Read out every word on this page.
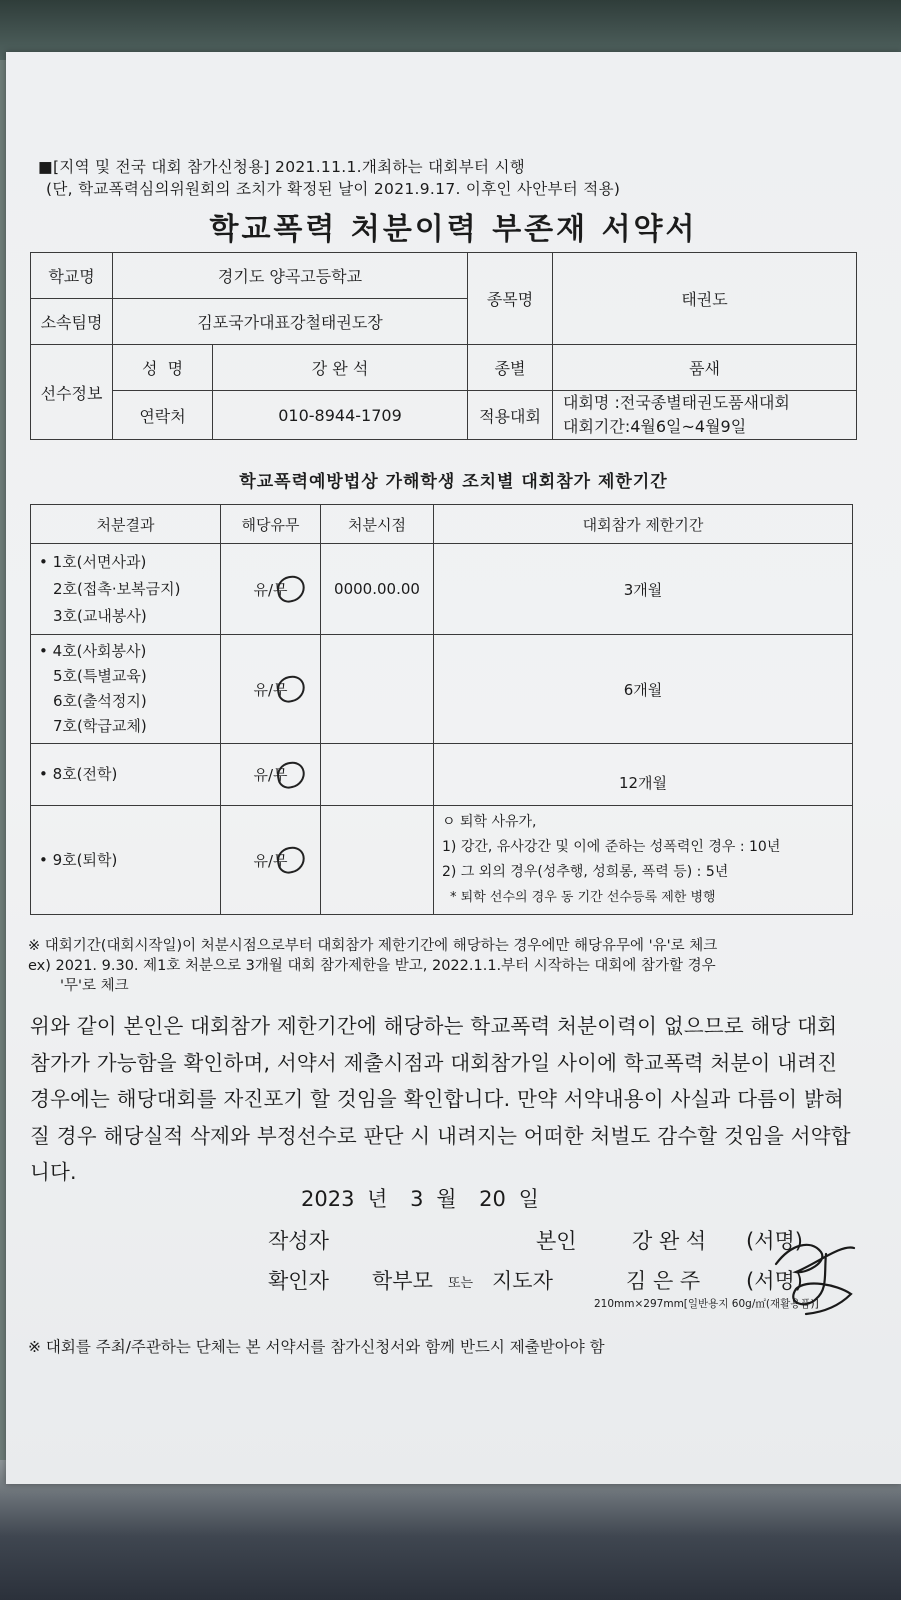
■[지역 및 전국 대회 참가신청용] 2021.11.1.개최하는 대회부터 시행
(단, 학교폭력심의위원회의 조치가 확정된 날이 2021.9.17. 이후인 사안부터 적용)
학교폭력 처분이력 부존재 서약서
학교명	경기도 양곡고등학교		종목명	태권도
소속팀명	김포국가대표강철태권도장			
선수정보	성  명	강 완 석	종별	품새
	연락처	010-8944-1709	적용대회	대회명 :전국종별태권도품새대회
대회기간:4월6일~4월9일
학교폭력예방법상 가해학생 조치별 대회참가 제한기간
처분결과	해당유무	처분시점	대회참가 제한기간

• 1호(서면사과)
2호(접촉·보복금지)
3호(교내봉사)	유/무	0000.00.00	3개월

• 4호(사회봉사)
5호(특별교육)
6호(출석정지)
7호(학급교체)	유/무		6개월

• 8호(전학)	유/무		12개월

• 9호(퇴학)	유/무		ㅇ 퇴학 사유가,
1) 강간, 유사강간 및 이에 준하는 성폭력인 경우 : 10년
2) 그 외의 경우(성추행, 성희롱, 폭력 등) : 5년
* 퇴학 선수의 경우 동 기간 선수등록 제한 병행
※ 대회기간(대회시작일)이 처분시점으로부터 대회참가 제한기간에 해당하는 경우에만 해당유무에 '유'로 체크
ex) 2021. 9.30. 제1호 처분으로 3개월 대회 참가제한을 받고, 2022.1.1.부터 시작하는 대회에 참가할 경우
'무'로 체크
위와 같이 본인은 대회참가 제한기간에 해당하는 학교폭력 처분이력이 없으므로 해당 대회 참가가 가능함을 확인하며, 서약서 제출시점과 대회참가일 사이에 학교폭력 처분이 내려진 경우에는 해당대회를 자진포기 할 것임을 확인합니다. 만약 서약내용이 사실과 다름이 밝혀질 경우 해당실적 삭제와 부정선수로 판단 시 내려지는 어떠한 처벌도 감수할 것임을 서약합니다.
2023 년 3 월 20 일
작성자	본인	강 완 석 (서명)
확인자 학부모 또는 지도자	김 은 주 (서명)
210mm×297mm[일반용지 60g/㎡(재활용품)]
※ 대회를 주최/주관하는 단체는 본 서약서를 참가신청서와 함께 반드시 제출받아야 함
